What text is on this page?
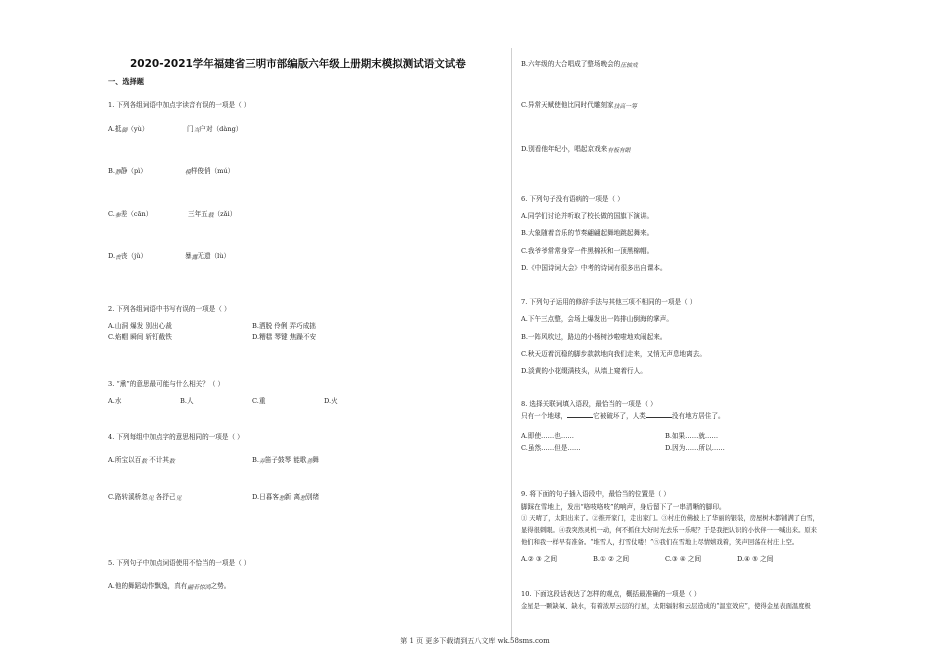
2020-2021学年福建省三明市部编版六年级上册期末模拟测试语文试卷
一、选择题
1. 下列各组词语中加点字读音有误的一项是（ ）
A.抵御（yù）	门当户对（dàng）
B.静静（pì）	模样俊俏（mú）
C.参差（cān）	三年五载（zǎi）
D.丧丧（jǔ）	暴露无遗（lù）
2. 下列各组词语中书写有误的一项是（ ）
A.山洞 爆发 别出心裁	B.洒脱 伶俐 弄巧成拙
C.焰帽 瞬间 斩钉截铁	D.糟糕 琴键 焦躁不安
3. “熏”的意思最可能与什么相关？（ ）
A.水	B.人	C.重	D.火
4. 下列每组中加点字的意思相同的一项是（ ）
A.所宝以百数 不计其数	B.弄笛子鼓琴 能歌善舞
C.路转溪桥忽见 各抒己见	D.日暮客愁新 离愁别绪
5. 下列句子中加点词语使用不恰当的一项是（ ）
A.他的舞蹈动作飘逸，真有翩若惊鸿之势。
B.六年级的大合唱成了整场晚会的压轴戏
C.异常天赋使他比同时代雕刻家技高一筹
D.别看他年纪小，唱起京戏来有板有眼
6. 下列句子没有语病的一项是（ ）
A.同学们讨论并听取了校长做的国旗下演讲。
B.大象随着音乐的节奏翩翩起舞地跳起舞来。
C.我爷爷常常身穿一件黑棉袄和一顶黑棉帽。
D.《中国诗词大会》中考的诗词有很多出自课本。
7. 下列句子运用的修辞手法与其他三项不相同的一项是（ ）
A.下午三点整，会场上爆发出一阵排山倒海的掌声。
B.一阵风吹过，路边的小杨树沙啦啦地欢闹起来。
C.秋天迈着沉稳的脚步款款地向我们走来，又悄无声息地离去。
D.淡黄的小花缀满枝头，从墙上窥着行人。
8. 选择关联词填入语段，最恰当的一项是（ ）
只有一个地球，	它被破坏了，人类	没有地方居住了。
A.即使……也……	B.如果……就……
C.虽然……但是……	D.因为……所以……
9. 将下面的句子插入语段中，最恰当的位置是（ ）
脚踩在雪地上，发出“咯吱咯吱”的响声，身后留下了一串清晰的脚印。
① 天晴了，太阳出来了。②推开家门，走出家门。③村庄仿佛披上了华丽的银装，房屋树木都铺满了白雪，
显得很刺眼。④我突然灵机一动，何不抓住大好时光去乐一乐呢？于是我把认识的小伙伴一一喊出来。原来
他们和我一样早有准备。“堆雪人，打雪仗喽！”⑤我们在雪地上尽情嬉戏着，笑声回荡在村庄上空。
A.② ③ 之间	B.① ② 之间	C.③ ④ 之间	D.④ ⑤ 之间
10. 下面这段话表达了怎样的观点，概括最准确的一项是（ ）
金星是一颗缺氧、缺水，有着浓厚云层的行星，太阳辐射和云层造成的“温室效应”，使得金星表面温度极
第 1 页 更多下载请到五八文库 wk.58sms.com
